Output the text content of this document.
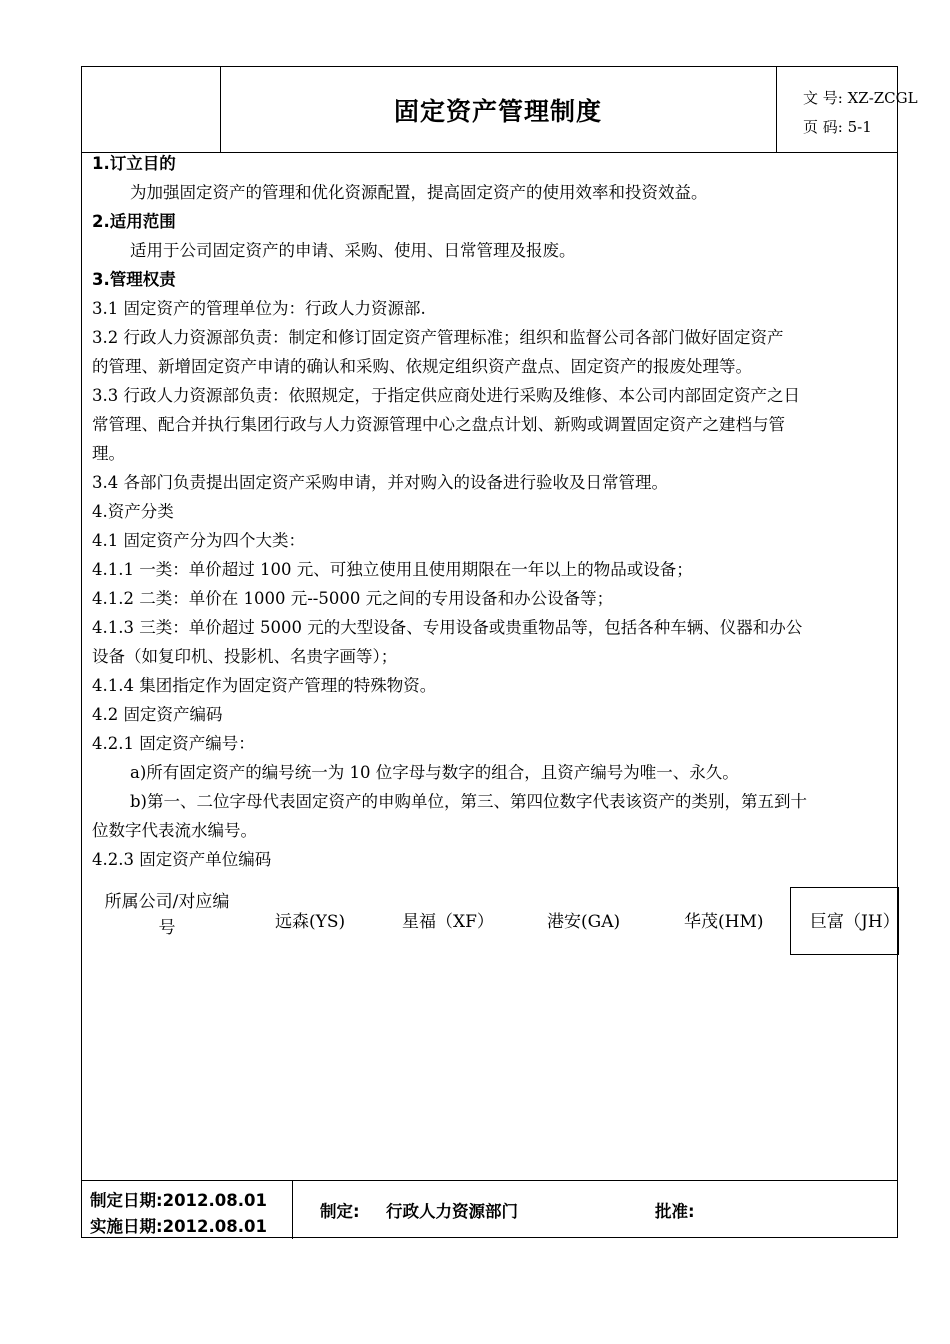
固定资产管理制度	文 号: XZ-ZCGL
页 码: 5-1
1.订立目的
为加强固定资产的管理和优化资源配置，提高固定资产的使用效率和投资效益。
2.适用范围
适用于公司固定资产的申请、采购、使用、日常管理及报废。
3.管理权责
3.1 固定资产的管理单位为：行政人力资源部.
3.2 行政人力资源部负责：制定和修订固定资产管理标准；组织和监督公司各部门做好固定资产
的管理、新增固定资产申请的确认和采购、依规定组织资产盘点、固定资产的报废处理等。
3.3 行政人力资源部负责：依照规定，于指定供应商处进行采购及维修、本公司内部固定资产之日
常管理、配合并执行集团行政与人力资源管理中心之盘点计划、新购或调置固定资产之建档与管
理。
3.4 各部门负责提出固定资产采购申请，并对购入的设备进行验收及日常管理。
4.资产分类
4.1 固定资产分为四个大类：
4.1.1 一类：单价超过 100 元、可独立使用且使用期限在一年以上的物品或设备；
4.1.2 二类：单价在 1000 元--5000 元之间的专用设备和办公设备等；
4.1.3 三类：单价超过 5000 元的大型设备、专用设备或贵重物品等，包括各种车辆、仪器和办公
设备（如复印机、投影机、名贵字画等）；
4.1.4 集团指定作为固定资产管理的特殊物资。
4.2 固定资产编码
4.2.1 固定资产编号：
a)所有固定资产的编号统一为 10 位字母与数字的组合，且资产编号为唯一、永久。
b)第一、二位字母代表固定资产的申购单位，第三、第四位数字代表该资产的类别，第五到十
位数字代表流水编号。
4.2.3 固定资产单位编码
所属公司/对应编
号	远森(YS)	星福（XF）	港安(GA)	华茂(HM)	巨富（JH）
制定日期:2012.08.01
实施日期:2012.08.01
制定: 行政人力资源部门	批准:
